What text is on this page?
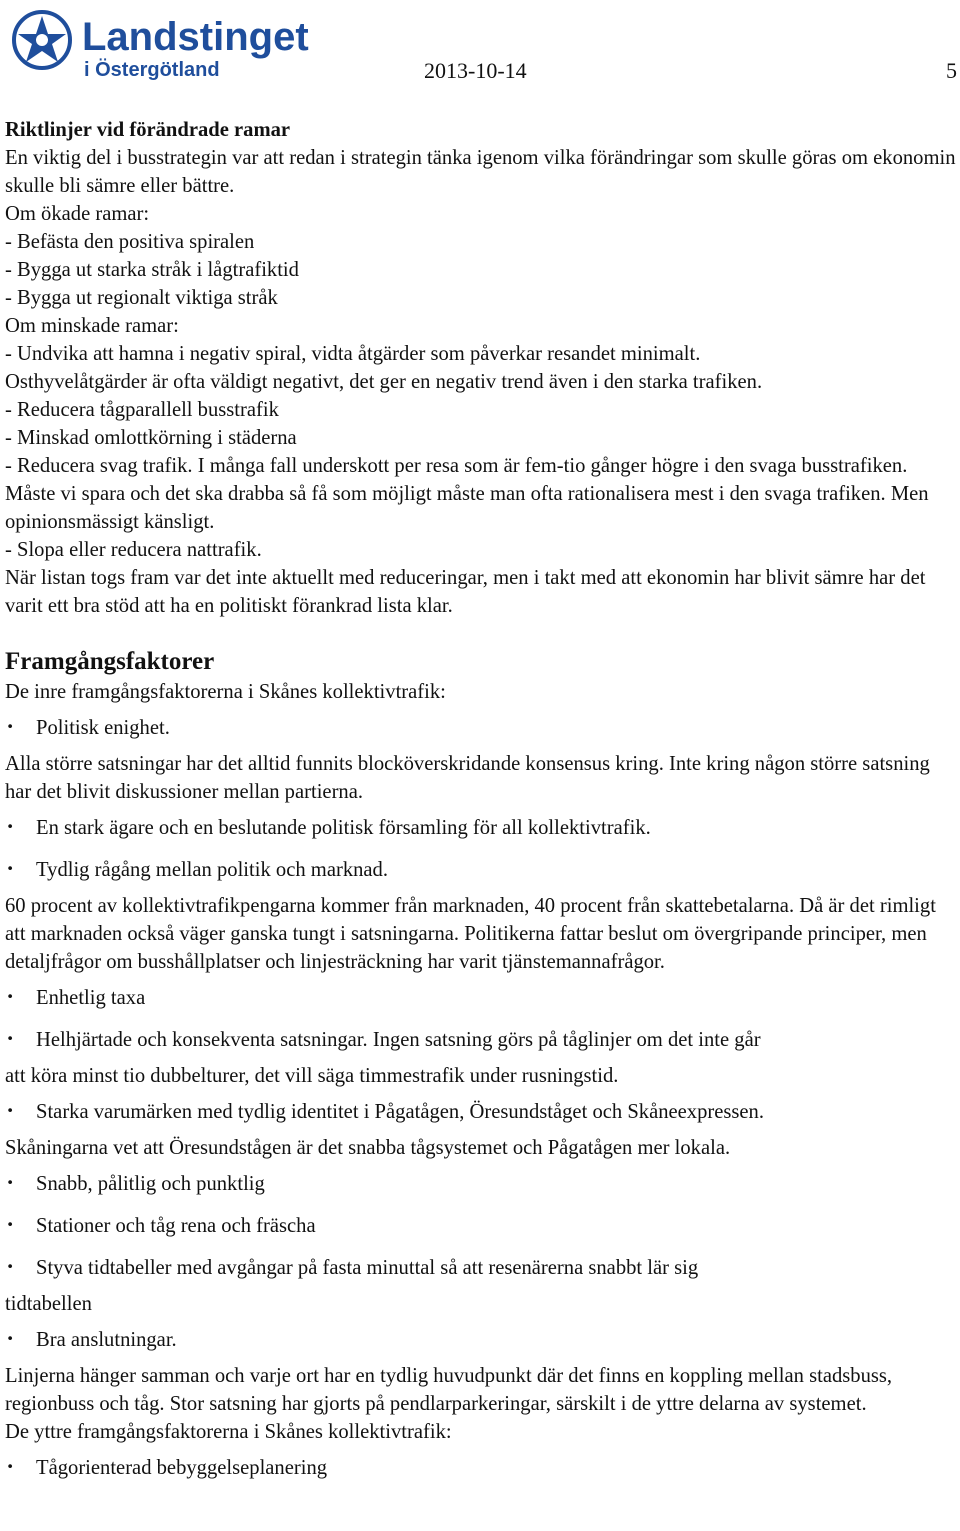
Landstinget
i Östergötland	2013-10-14	5

Riktlinjer vid förändrade ramar

En viktig del i busstrategin var att redan i strategin tänka igenom vilka förändringar som skulle göras om ekonomin skulle bli sämre eller bättre.

Om ökade ramar:

- Befästa den positiva spiralen

- Bygga ut starka stråk i lågtrafiktid

- Bygga ut regionalt viktiga stråk

Om minskade ramar:

- Undvika att hamna i negativ spiral, vidta åtgärder som påverkar resandet minimalt.

Osthyvelåtgärder är ofta väldigt negativt, det ger en negativ trend även i den starka trafiken.

- Reducera tågparallell busstrafik

- Minskad omlottkörning i städerna

- Reducera svag trafik. I många fall underskott per resa som är fem-tio gånger högre i den svaga busstrafiken. Måste vi spara och det ska drabba så få som möjligt måste man ofta rationalisera mest i den svaga trafiken. Men opinionsmässigt känsligt.

- Slopa eller reducera nattrafik.

När listan togs fram var det inte aktuellt med reduceringar, men i takt med att ekonomin har blivit sämre har det varit ett bra stöd att ha en politiskt förankrad lista klar.

Framgångsfaktorer

De inre framgångsfaktorerna i Skånes kollektivtrafik:

･ Politisk enighet.

Alla större satsningar har det alltid funnits blocköverskridande konsensus kring. Inte kring någon större satsning har det blivit diskussioner mellan partierna.

･ En stark ägare och en beslutande politisk församling för all kollektivtrafik.

･ Tydlig rågång mellan politik och marknad.

60 procent av kollektivtrafikpengarna kommer från marknaden, 40 procent från skattebetalarna. Då är det rimligt att marknaden också väger ganska tungt i satsningarna. Politikerna fattar beslut om övergripande principer, men detaljfrågor om busshållplatser och linjesträckning har varit tjänstemannafrågor.

･ Enhetlig taxa

･ Helhjärtade och konsekventa satsningar. Ingen satsning görs på tåglinjer om det inte går

att köra minst tio dubbelturer, det vill säga timmestrafik under rusningstid.

･ Starka varumärken med tydlig identitet i Pågatågen, Öresundståget och Skåneexpressen.

Skåningarna vet att Öresundstågen är det snabba tågsystemet och Pågatågen mer lokala.

･ Snabb, pålitlig och punktlig

･ Stationer och tåg rena och fräscha

･ Styva tidtabeller med avgångar på fasta minuttal så att resenärerna snabbt lär sig

tidtabellen

･ Bra anslutningar.

Linjerna hänger samman och varje ort har en tydlig huvudpunkt där det finns en koppling mellan stadsbuss, regionbuss och tåg. Stor satsning har gjorts på pendlarparkeringar, särskilt i de yttre delarna av systemet.

De yttre framgångsfaktorerna i Skånes kollektivtrafik:

･ Tågorienterad bebyggelseplanering
